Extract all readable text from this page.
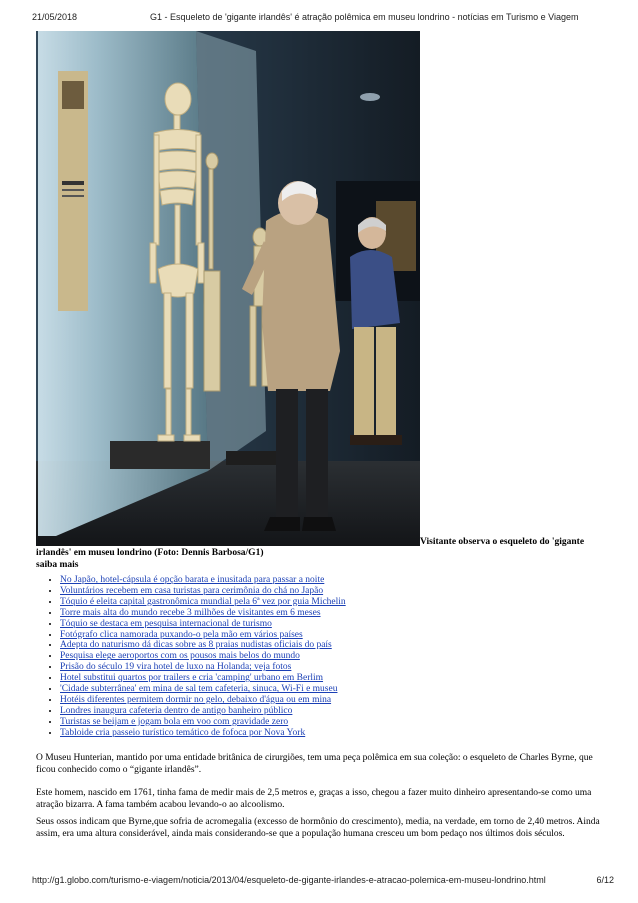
21/05/2018	G1 - Esqueleto de 'gigante irlandês' é atração polêmica em museu londrino - notícias em Turismo e Viagem
Visitante observa o esqueleto do 'gigante
irlandês' em museu londrino (Foto: Dennis Barbosa/G1)
saiba mais
• No Japão, hotel-cápsula é opção barata e inusitada para passar a noite
• Voluntários recebem em casa turistas para cerimônia do chá no Japão
• Tóquio é eleita capital gastronômica mundial pela 6ª vez por guia Michelin
• Torre mais alta do mundo recebe 3 milhões de visitantes em 6 meses
• Tóquio se destaca em pesquisa internacional de turismo
• Fotógrafo clica namorada puxando-o pela mão em vários países
• Adepta do naturismo dá dicas sobre as 8 praias nudistas oficiais do país
• Pesquisa elege aeroportos com os pousos mais belos do mundo
• Prisão do século 19 vira hotel de luxo na Holanda; veja fotos
• Hotel substitui quartos por trailers e cria 'camping' urbano em Berlim
• 'Cidade subterrânea' em mina de sal tem cafeteria, sinuca, Wi-Fi e museu
• Hotéis diferentes permitem dormir no gelo, debaixo d'água ou em mina
• Londres inaugura cafeteria dentro de antigo banheiro público
• Turistas se beijam e jogam bola em voo com gravidade zero
• Tabloide cria passeio turístico temático de fofoca por Nova York

O Museu Hunterian, mantido por uma entidade britânica de cirurgiões, tem uma peça polêmica em sua coleção: o esqueleto de Charles Byrne, que ficou conhecido como o “gigante irlandês”.

Este homem, nascido em 1761, tinha fama de medir mais de 2,5 metros e, graças a isso, chegou a fazer muito dinheiro apresentando-se como uma atração bizarra. A fama também acabou levando-o ao alcoolismo.

Seus ossos indicam que Byrne,que sofria de acromegalia (excesso de hormônio do crescimento), media, na verdade, em torno de 2,40 metros. Ainda assim, era uma altura considerável, ainda mais considerando-se que a população humana cresceu um bom pedaço nos últimos dois séculos.

http://g1.globo.com/turismo-e-viagem/noticia/2013/04/esqueleto-de-gigante-irlandes-e-atracao-polemica-em-museu-londrino.html	6/12
